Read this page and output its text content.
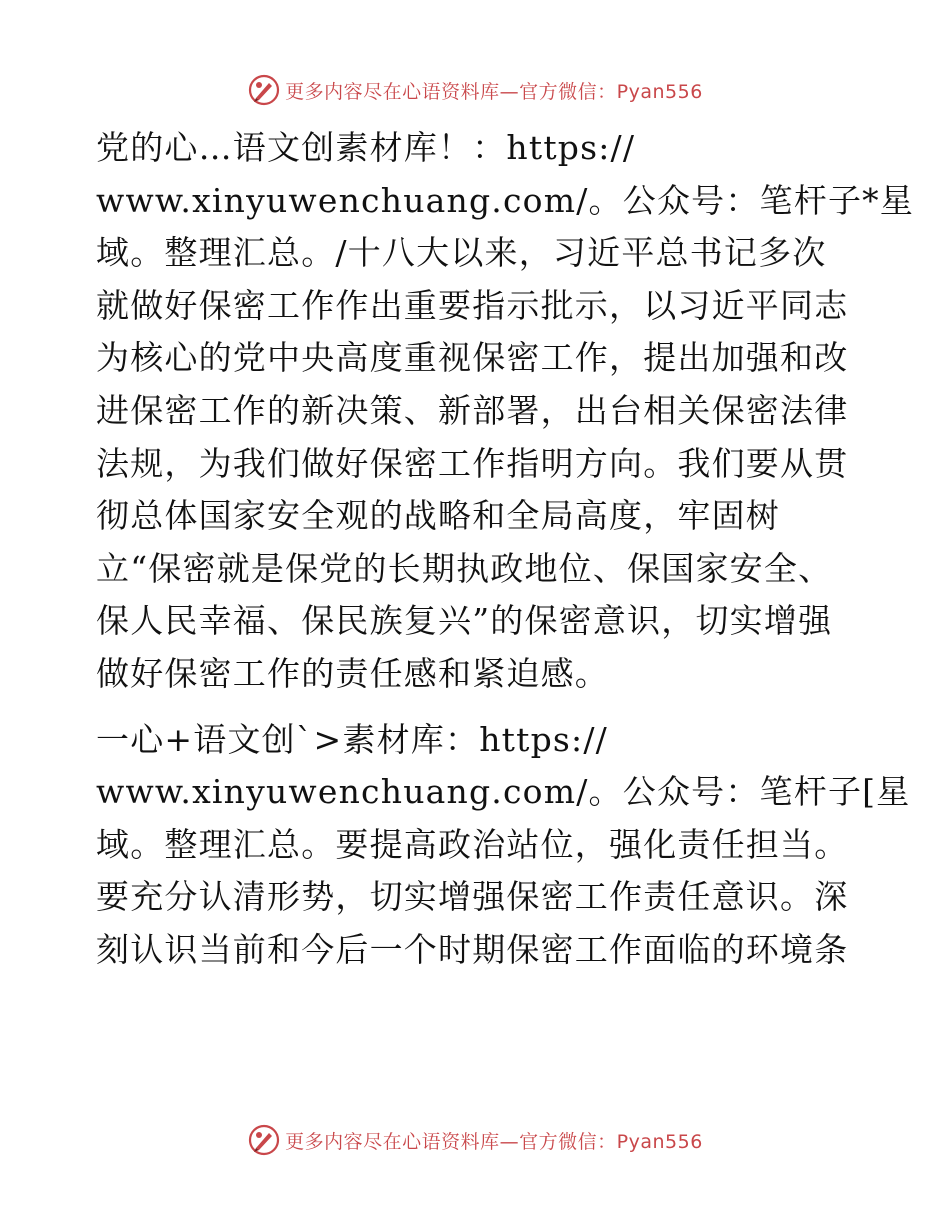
更多内容尽在心语资料库—官方微信：Pyan556
党的心…语文创素材库！：https://
www.xinyuwenchuang.com/。公众号：笔杆子*星
域。整理汇总。/十八大以来，习近平总书记多次
就做好保密工作作出重要指示批示，以习近平同志
为核心的党中央高度重视保密工作，提出加强和改
进保密工作的新决策、新部署，出台相关保密法律
法规，为我们做好保密工作指明方向。我们要从贯
彻总体国家安全观的战略和全局高度，牢固树
立“保密就是保党的长期执政地位、保国家安全、
保人民幸福、保民族复兴”的保密意识，切实增强
做好保密工作的责任感和紧迫感。
一心+语文创`>素材库：https://
www.xinyuwenchuang.com/。公众号：笔杆子[星
域。整理汇总。要提高政治站位，强化责任担当。
要充分认清形势，切实增强保密工作责任意识。深
刻认识当前和今后一个时期保密工作面临的环境条
更多内容尽在心语资料库—官方微信：Pyan556
